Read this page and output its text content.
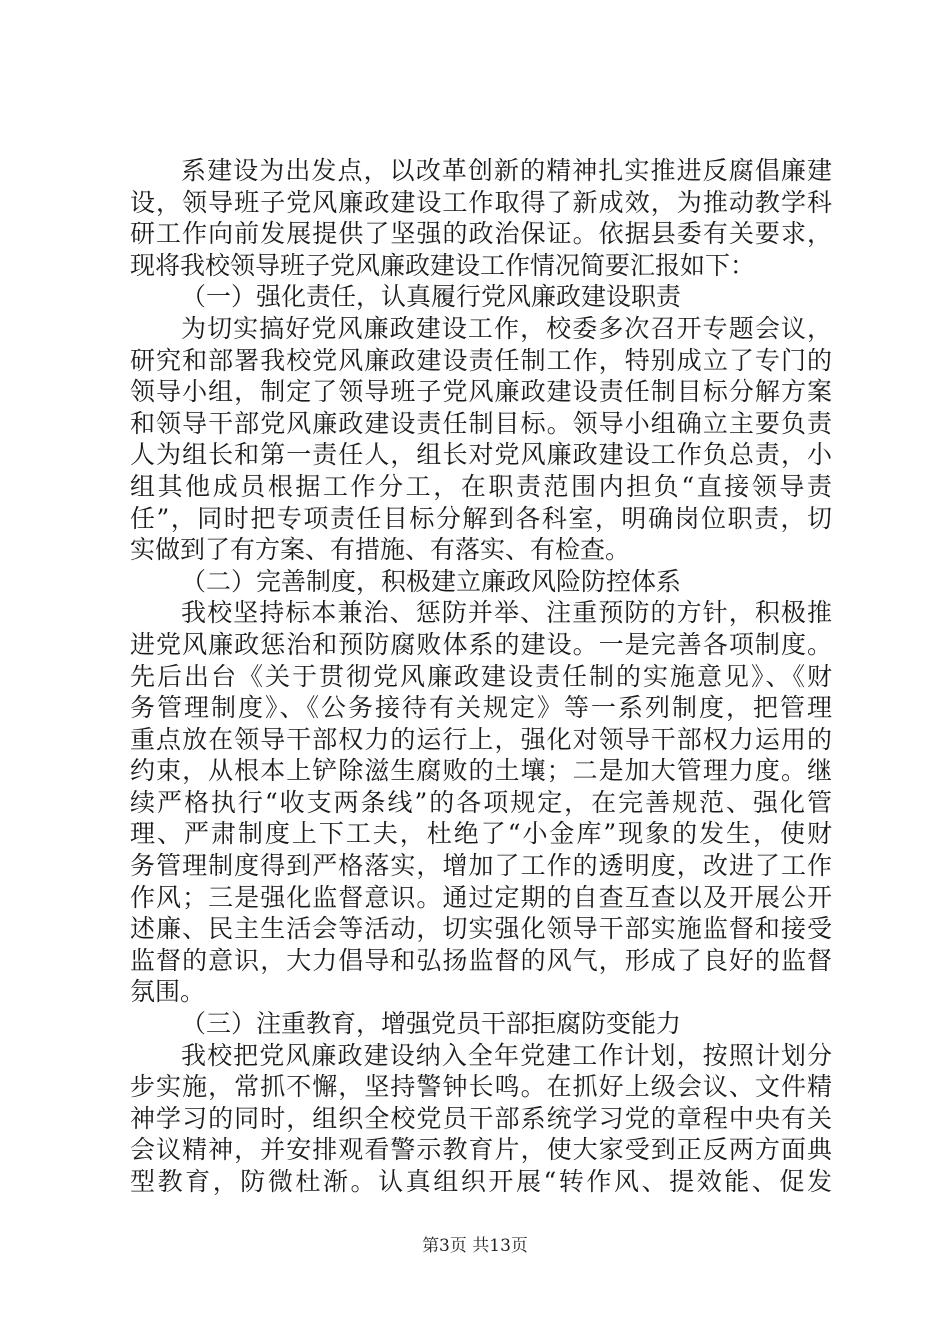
系建设为出发点，以改革创新的精神扎实推进反腐倡廉建
设，领导班子党风廉政建设工作取得了新成效，为推动教学科
研工作向前发展提供了坚强的政治保证。依据县委有关要求，
现将我校领导班子党风廉政建设工作情况简要汇报如下：
（一）强化责任，认真履行党风廉政建设职责
为切实搞好党风廉政建设工作，校委多次召开专题会议，
研究和部署我校党风廉政建设责任制工作，特别成立了专门的
领导小组，制定了领导班子党风廉政建设责任制目标分解方案
和领导干部党风廉政建设责任制目标。领导小组确立主要负责
人为组长和第一责任人，组长对党风廉政建设工作负总责，小
组其他成员根据工作分工，在职责范围内担负“直接领导责
任”，同时把专项责任目标分解到各科室，明确岗位职责，切
实做到了有方案、有措施、有落实、有检查。
（二）完善制度，积极建立廉政风险防控体系
我校坚持标本兼治、惩防并举、注重预防的方针，积极推
进党风廉政惩治和预防腐败体系的建设。一是完善各项制度。
先后出台《关于贯彻党风廉政建设责任制的实施意见》、《财
务管理制度》、《公务接待有关规定》等一系列制度，把管理
重点放在领导干部权力的运行上，强化对领导干部权力运用的
约束，从根本上铲除滋生腐败的土壤；二是加大管理力度。继
续严格执行“收支两条线”的各项规定，在完善规范、强化管
理、严肃制度上下工夫，杜绝了“小金库”现象的发生，使财
务管理制度得到严格落实，增加了工作的透明度，改进了工作
作风；三是强化监督意识。通过定期的自查互查以及开展公开
述廉、民主生活会等活动，切实强化领导干部实施监督和接受
监督的意识，大力倡导和弘扬监督的风气，形成了良好的监督
氛围。
（三）注重教育，增强党员干部拒腐防变能力
我校把党风廉政建设纳入全年党建工作计划，按照计划分
步实施，常抓不懈，坚持警钟长鸣。在抓好上级会议、文件精
神学习的同时，组织全校党员干部系统学习党的章程中央有关
会议精神，并安排观看警示教育片，使大家受到正反两方面典
型教育，防微杜渐。认真组织开展“转作风、提效能、促发
第3页 共13页
